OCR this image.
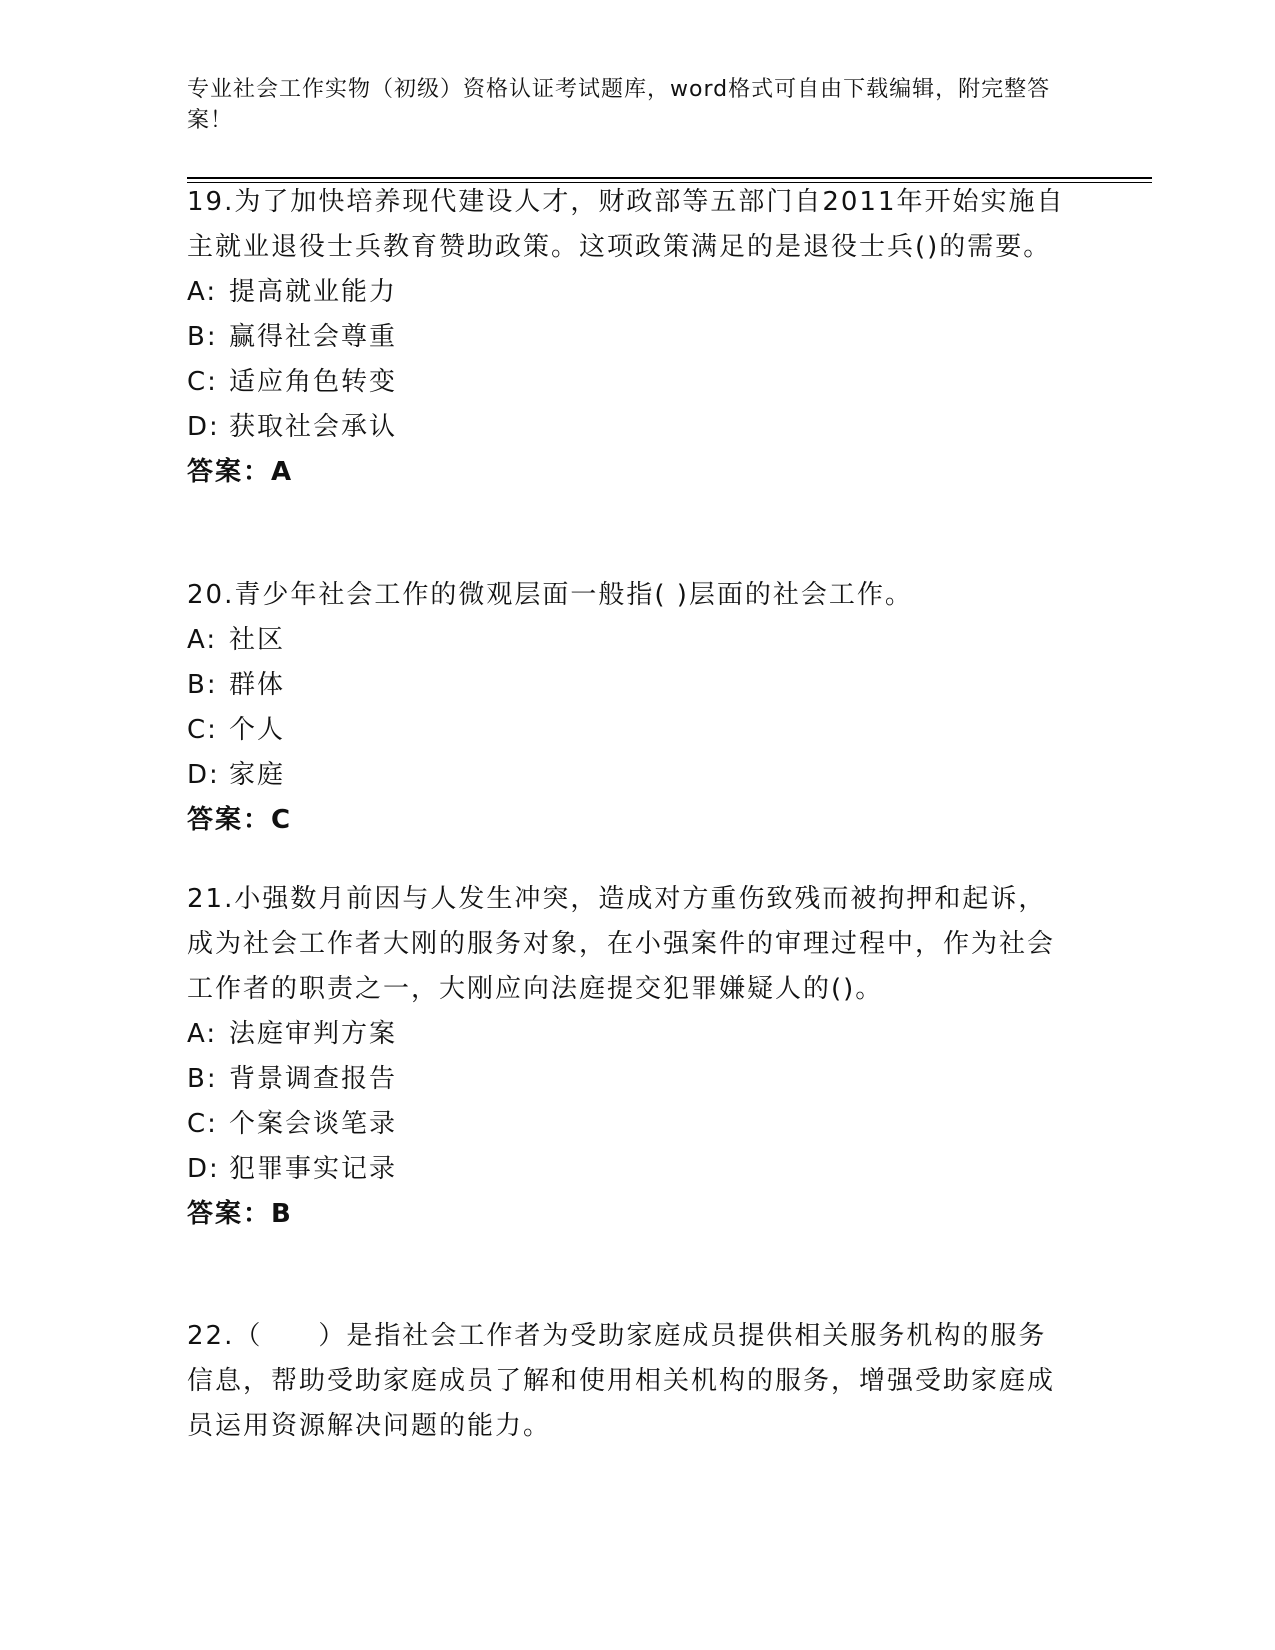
专业社会工作实物（初级）资格认证考试题库，word格式可自由下载编辑，附完整答案！
19.为了加快培养现代建设人才，财政部等五部门自2011年开始实施自主就业退役士兵教育赞助政策。这项政策满足的是退役士兵()的需要。
A: 提高就业能力
B: 赢得社会尊重
C: 适应角色转变
D: 获取社会承认
答案：A
20.青少年社会工作的微观层面一般指( )层面的社会工作。
A: 社区
B: 群体
C: 个人
D: 家庭
答案：C
21.小强数月前因与人发生冲突，造成对方重伤致残而被拘押和起诉，成为社会工作者大刚的服务对象，在小强案件的审理过程中，作为社会工作者的职责之一，大刚应向法庭提交犯罪嫌疑人的()。
A: 法庭审判方案
B: 背景调查报告
C: 个案会谈笔录
D: 犯罪事实记录
答案：B
22.（　　）是指社会工作者为受助家庭成员提供相关服务机构的服务信息，帮助受助家庭成员了解和使用相关机构的服务，增强受助家庭成员运用资源解决问题的能力。
